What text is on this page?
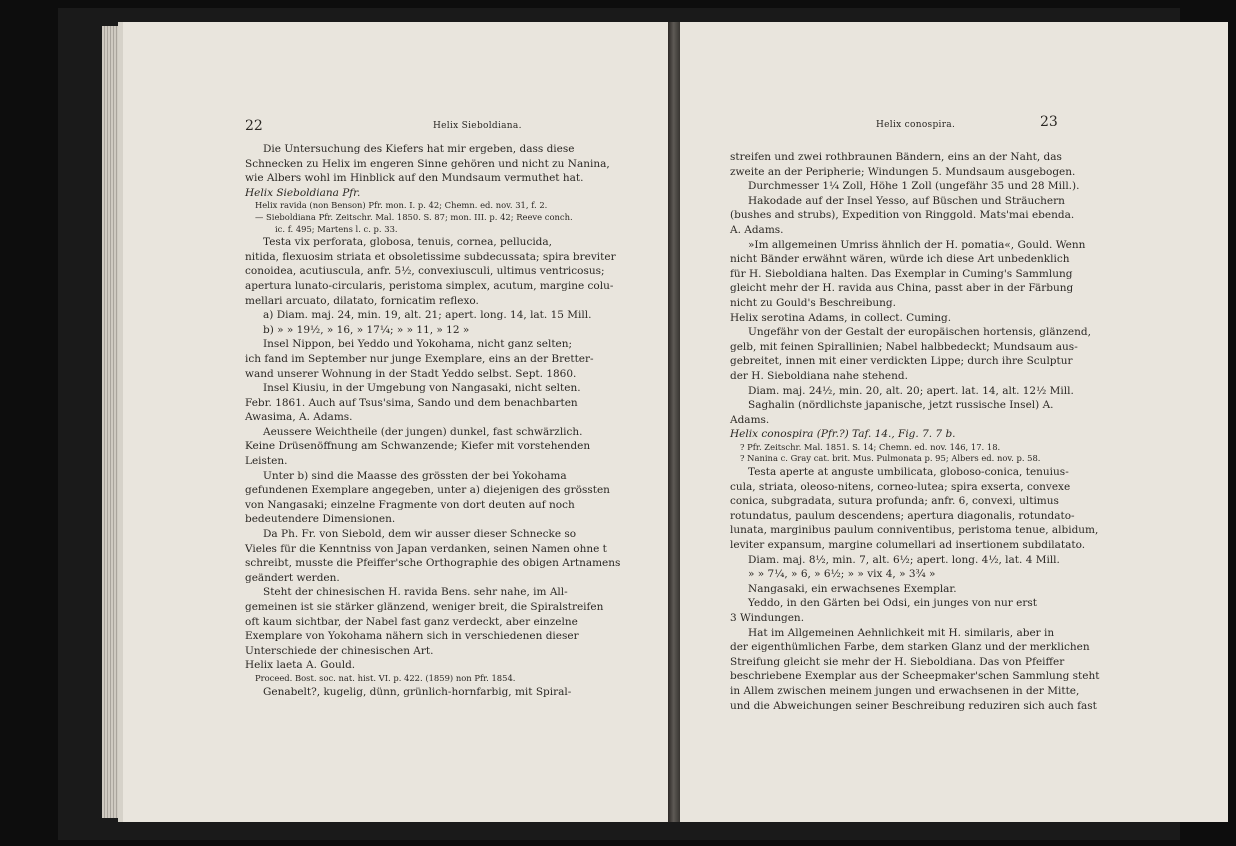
22	Helix Sieboldiana.

Die Untersuchung des Kiefers hat mir ergeben, dass diese

Schnecken zu Helix im engeren Sinne gehören und nicht zu Nanina,

wie Albers wohl im Hinblick auf den Mundsaum vermuthet hat.

Helix Sieboldiana Pfr.

Helix ravida (non Benson) Pfr. mon. I. p. 42; Chemn. ed. nov. 31, f. 2.

— Sieboldiana Pfr. Zeitschr. Mal. 1850. S. 87; mon. III. p. 42; Reeve conch.

ic. f. 495; Martens l. c. p. 33.

Testa vix perforata, globosa, tenuis, cornea, pellucida,

nitida, flexuosim striata et obsoletissime subdecussata; spira breviter

conoidea, acutiuscula, anfr. 5½, convexiusculi, ultimus ventricosus;

apertura lunato-circularis, peristoma simplex, acutum, margine colu-

mellari arcuato, dilatato, fornicatim reflexo.

a) Diam. maj. 24, min. 19, alt. 21; apert. long. 14, lat. 15 Mill.

b) » » 19½, » 16, » 17¼; » » 11, » 12 »

Insel Nippon, bei Yeddo und Yokohama, nicht ganz selten;

ich fand im September nur junge Exemplare, eins an der Bretter-

wand unserer Wohnung in der Stadt Yeddo selbst. Sept. 1860.

Insel Kiusiu, in der Umgebung von Nangasaki, nicht selten.

Febr. 1861. Auch auf Tsus'sima, Sando und dem benachbarten

Awasima, A. Adams.

Aeussere Weichtheile (der jungen) dunkel, fast schwärzlich.

Keine Drüsenöffnung am Schwanzende; Kiefer mit vorstehenden

Leisten.

Unter b) sind die Maasse des grössten der bei Yokohama

gefundenen Exemplare angegeben, unter a) diejenigen des grössten

von Nangasaki; einzelne Fragmente von dort deuten auf noch

bedeutendere Dimensionen.

Da Ph. Fr. von Siebold, dem wir ausser dieser Schnecke so

Vieles für die Kenntniss von Japan verdanken, seinen Namen ohne t

schreibt, musste die Pfeiffer'sche Orthographie des obigen Artnamens

geändert werden.

Steht der chinesischen H. ravida Bens. sehr nahe, im All-

gemeinen ist sie stärker glänzend, weniger breit, die Spiralstreifen

oft kaum sichtbar, der Nabel fast ganz verdeckt, aber einzelne

Exemplare von Yokohama nähern sich in verschiedenen dieser

Unterschiede der chinesischen Art.

Helix laeta A. Gould.

Proceed. Bost. soc. nat. hist. VI. p. 422. (1859) non Pfr. 1854.

Genabelt?, kugelig, dünn, grünlich-hornfarbig, mit Spiral-

Helix conospira.	23

streifen und zwei rothbraunen Bändern, eins an der Naht, das

zweite an der Peripherie; Windungen 5. Mundsaum ausgebogen.

Durchmesser 1¼ Zoll, Höhe 1 Zoll (ungefähr 35 und 28 Mill.).

Hakodade auf der Insel Yesso, auf Büschen und Sträuchern

(bushes and strubs), Expedition von Ringgold. Mats'mai ebenda.

A. Adams.

»Im allgemeinen Umriss ähnlich der H. pomatia«, Gould. Wenn

nicht Bänder erwähnt wären, würde ich diese Art unbedenklich

für H. Sieboldiana halten. Das Exemplar in Cuming's Sammlung

gleicht mehr der H. ravida aus China, passt aber in der Färbung

nicht zu Gould's Beschreibung.

Helix serotina Adams, in collect. Cuming.

Ungefähr von der Gestalt der europäischen hortensis, glänzend,

gelb, mit feinen Spirallinien; Nabel halbbedeckt; Mundsaum aus-

gebreitet, innen mit einer verdickten Lippe; durch ihre Sculptur

der H. Sieboldiana nahe stehend.

Diam. maj. 24½, min. 20, alt. 20; apert. lat. 14, alt. 12½ Mill.

Saghalin (nördlichste japanische, jetzt russische Insel) A.

Adams.

Helix conospira (Pfr.?) Taf. 14., Fig. 7. 7 b.

? Pfr. Zeitschr. Mal. 1851. S. 14; Chemn. ed. nov. 146, 17. 18.

? Nanina c. Gray cat. brit. Mus. Pulmonata p. 95; Albers ed. nov. p. 58.

Testa aperte at anguste umbilicata, globoso-conica, tenuius-

cula, striata, oleoso-nitens, corneo-lutea; spira exserta, convexe

conica, subgradata, sutura profunda; anfr. 6, convexi, ultimus

rotundatus, paulum descendens; apertura diagonalis, rotundato-

lunata, marginibus paulum conniventibus, peristoma tenue, albidum,

leviter expansum, margine columellari ad insertionem subdilatato.

Diam. maj. 8½, min. 7, alt. 6½; apert. long. 4½, lat. 4 Mill.

» » 7¼, » 6, » 6½; » » vix 4, » 3¾ »

Nangasaki, ein erwachsenes Exemplar.

Yeddo, in den Gärten bei Odsi, ein junges von nur erst

3 Windungen.

Hat im Allgemeinen Aehnlichkeit mit H. similaris, aber in

der eigenthümlichen Farbe, dem starken Glanz und der merklichen

Streifung gleicht sie mehr der H. Sieboldiana. Das von Pfeiffer

beschriebene Exemplar aus der Scheepmaker'schen Sammlung steht

in Allem zwischen meinem jungen und erwachsenen in der Mitte,

und die Abweichungen seiner Beschreibung reduziren sich auch fast
